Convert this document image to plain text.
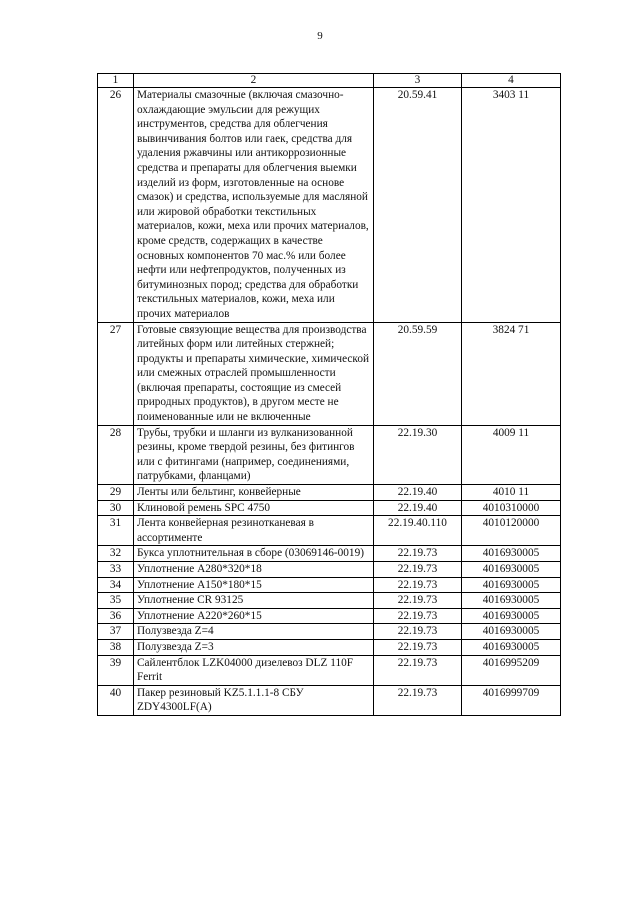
9
1	2	3	4
26	Материалы смазочные (включая смазочно-охлаждающие эмульсии для режущих инструментов, средства для облегчения вывинчивания болтов или гаек, средства для удаления ржавчины или антикоррозионные средства и препараты для облегчения выемки изделий из форм, изготовленные на основе смазок) и средства, используемые для масляной или жировой обработки текстильных материалов, кожи, меха или прочих материалов, кроме средств, содержащих в качестве основных компонентов 70 мас.% или более нефти или нефтепродуктов, полученных из битуминозных пород; средства для обработки текстильных материалов, кожи, меха или прочих материалов	20.59.41	3403 11
27	Готовые связующие вещества для производства литейных форм или литейных стержней; продукты и препараты химические, химической или смежных отраслей промышленности (включая препараты, состоящие из смесей природных продуктов), в другом месте не поименованные или не включенные	20.59.59	3824 71
28	Трубы, трубки и шланги из вулканизованной резины, кроме твердой резины, без фитингов или с фитингами (например, соединениями, патрубками, фланцами)	22.19.30	4009 11
29	Ленты или бельтинг, конвейерные	22.19.40	4010 11
30	Клиновой ремень SPC 4750	22.19.40	4010310000
31	Лента конвейерная резинотканевая в ассортименте	22.19.40.110	4010120000
32	Букса уплотнительная в сборе (03069146-0019)	22.19.73	4016930005
33	Уплотнение А280*320*18	22.19.73	4016930005
34	Уплотнение А150*180*15	22.19.73	4016930005
35	Уплотнение CR 93125	22.19.73	4016930005
36	Уплотнение А220*260*15	22.19.73	4016930005
37	Полузвезда Z=4	22.19.73	4016930005
38	Полузвезда Z=3	22.19.73	4016930005
39	Сайлентблок LZK04000 дизелевоз DLZ 110F Ferrit	22.19.73	4016995209
40	Пакер резиновый KZ5.1.1.1-8 СБУ ZDY4300LF(A)	22.19.73	4016999709
